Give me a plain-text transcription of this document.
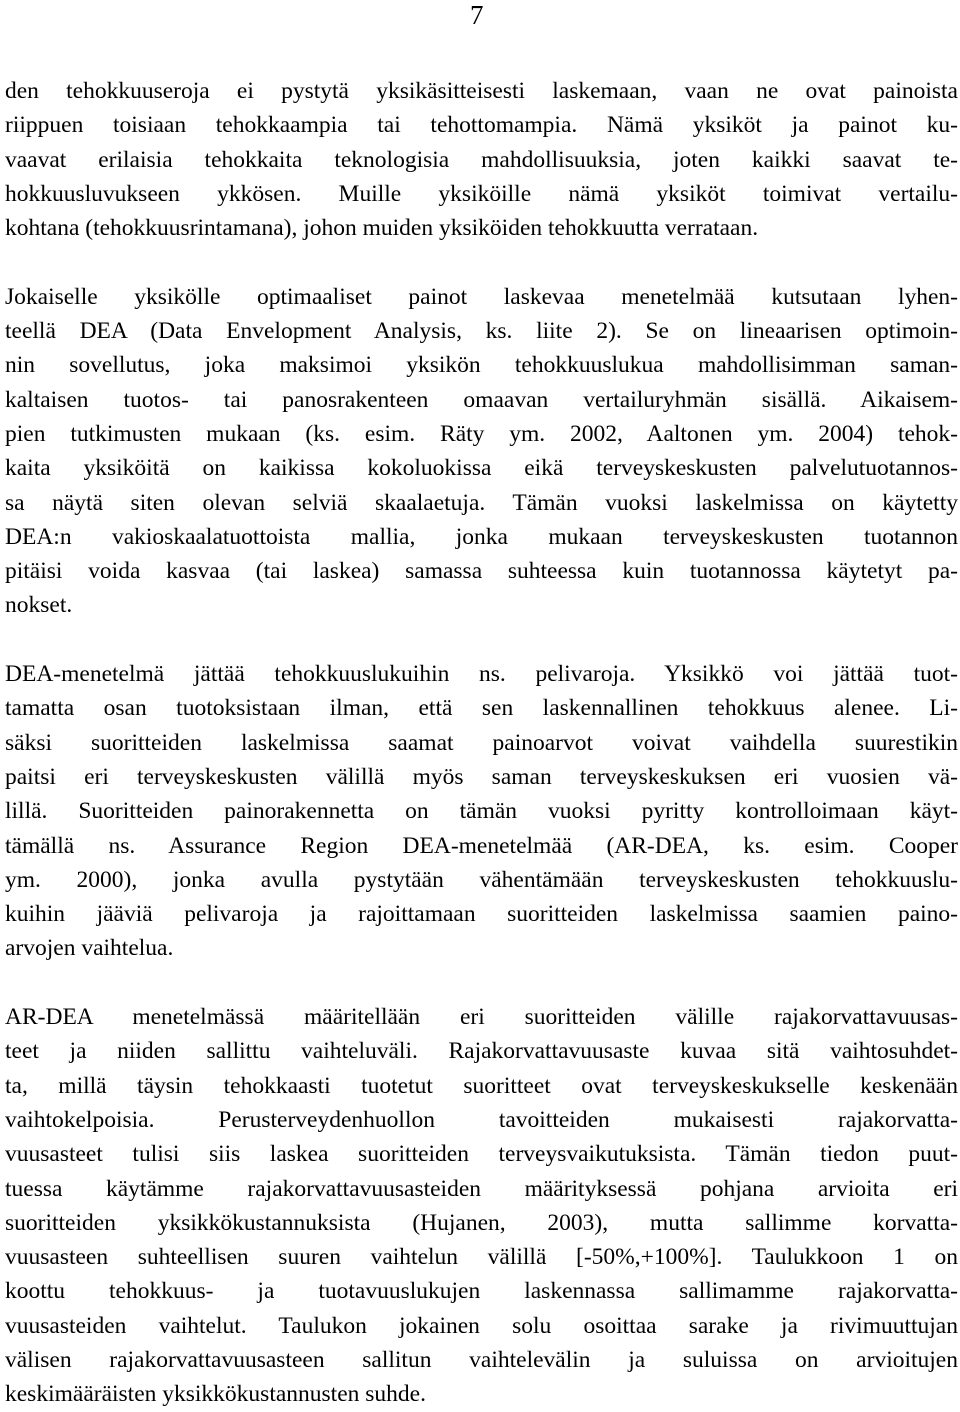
7

den tehokkuuseroja ei pystytä yksikäsitteisesti laskemaan, vaan ne ovat painoista
riippuen toisiaan tehokkaampia tai tehottomampia. Nämä yksiköt ja painot ku-
vaavat erilaisia tehokkaita teknologisia mahdollisuuksia, joten kaikki saavat te-
hokkuusluvukseen ykkösen. Muille yksiköille nämä yksiköt toimivat vertailu-
kohtana (tehokkuusrintamana), johon muiden yksiköiden tehokkuutta verrataan.

Jokaiselle yksikölle optimaaliset painot laskevaa menetelmää kutsutaan lyhen-
teellä DEA (Data Envelopment Analysis, ks. liite 2). Se on lineaarisen optimoin-
nin sovellutus, joka maksimoi yksikön tehokkuuslukua mahdollisimman saman-
kaltaisen tuotos- tai panosrakenteen omaavan vertailuryhmän sisällä. Aikaisem-
pien tutkimusten mukaan (ks. esim. Räty ym. 2002, Aaltonen ym. 2004) tehok-
kaita yksiköitä on kaikissa kokoluokissa eikä terveyskeskusten palvelutuotannos-
sa näytä siten olevan selviä skaalaetuja. Tämän vuoksi laskelmissa on käytetty
DEA:n vakioskaalatuottoista mallia, jonka mukaan terveyskeskusten tuotannon
pitäisi voida kasvaa (tai laskea) samassa suhteessa kuin tuotannossa käytetyt pa-
nokset.

DEA-menetelmä jättää tehokkuuslukuihin ns. pelivaroja. Yksikkö voi jättää tuot-
tamatta osan tuotoksistaan ilman, että sen laskennallinen tehokkuus alenee. Li-
säksi suoritteiden laskelmissa saamat painoarvot voivat vaihdella suurestikin
paitsi eri terveyskeskusten välillä myös saman terveyskeskuksen eri vuosien vä-
lillä. Suoritteiden painorakennetta on tämän vuoksi pyritty kontrolloimaan käyt-
tämällä ns. Assurance Region DEA-menetelmää (AR-DEA, ks. esim. Cooper
ym. 2000), jonka avulla pystytään vähentämään terveyskeskusten tehokkuuslu-
kuihin jääviä pelivaroja ja rajoittamaan suoritteiden laskelmissa saamien paino-
arvojen vaihtelua.

AR-DEA menetelmässä määritellään eri suoritteiden välille rajakorvattavuusas-
teet ja niiden sallittu vaihteluväli. Rajakorvattavuusaste kuvaa sitä vaihtosuhdet-
ta, millä täysin tehokkaasti tuotetut suoritteet ovat terveyskeskukselle keskenään
vaihtokelpoisia. Perusterveydenhuollon tavoitteiden mukaisesti rajakorvatta-
vuusasteet tulisi siis laskea suoritteiden terveysvaikutuksista. Tämän tiedon puut-
tuessa käytämme rajakorvattavuusasteiden määrityksessä pohjana arvioita eri
suoritteiden yksikkökustannuksista (Hujanen, 2003), mutta sallimme korvatta-
vuusasteen suhteellisen suuren vaihtelun välillä [-50%,+100%]. Taulukkoon 1 on
koottu tehokkuus- ja tuotavuuslukujen laskennassa sallimamme rajakorvatta-
vuusasteiden vaihtelut. Taulukon jokainen solu osoittaa sarake ja rivimuuttujan
välisen rajakorvattavuusasteen sallitun vaihtelevälin ja suluissa on arvioitujen
keskimääräisten yksikkökustannusten suhde.
